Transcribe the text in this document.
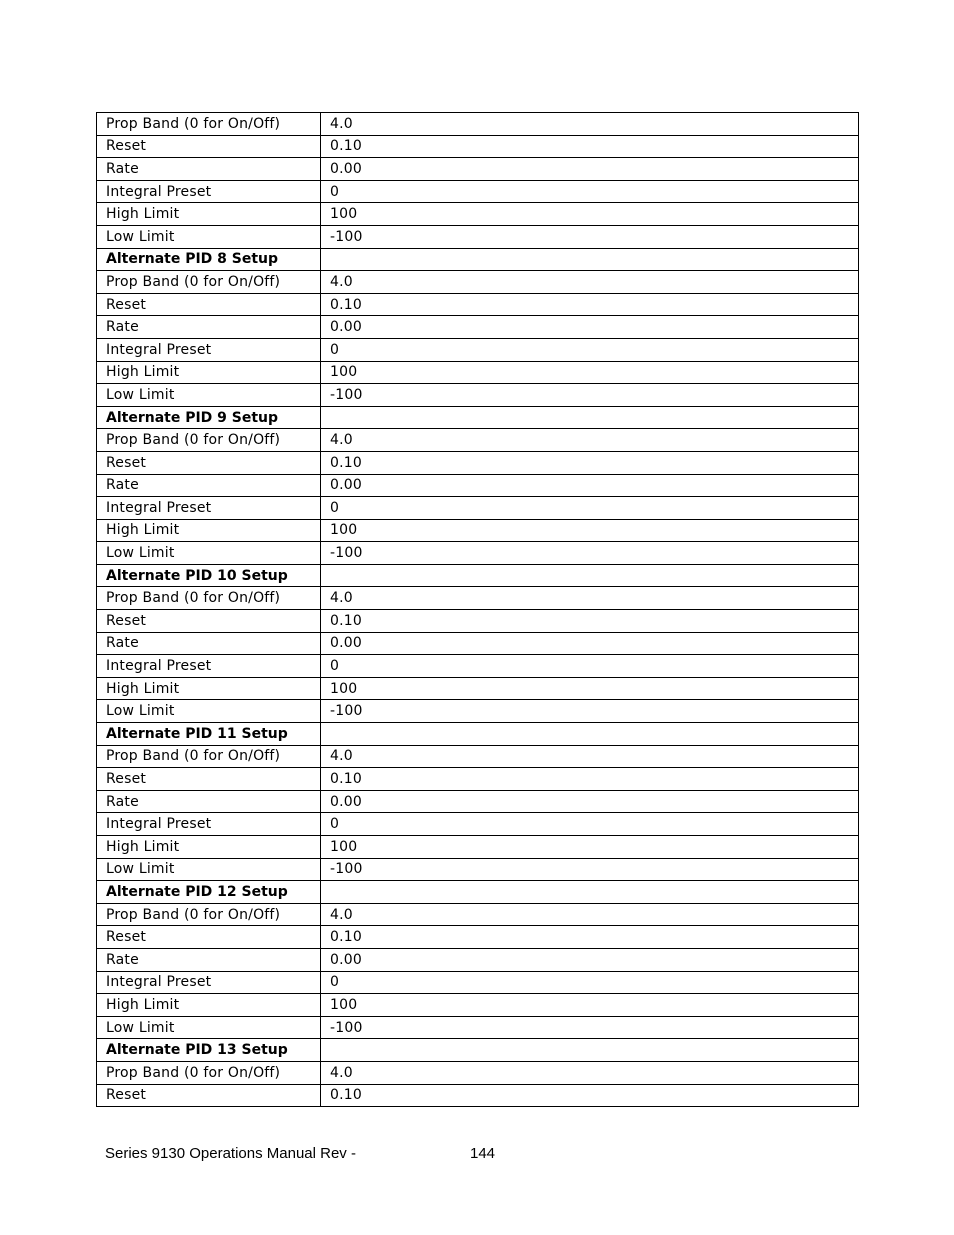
Prop Band (0 for On/Off)	4.0
Reset	0.10
Rate	0.00
Integral Preset	0
High Limit	100
Low Limit	-100
Alternate PID 8 Setup	
Prop Band (0 for On/Off)	4.0
Reset	0.10
Rate	0.00
Integral Preset	0
High Limit	100
Low Limit	-100
Alternate PID 9 Setup	
Prop Band (0 for On/Off)	4.0
Reset	0.10
Rate	0.00
Integral Preset	0
High Limit	100
Low Limit	-100
Alternate PID 10 Setup	
Prop Band (0 for On/Off)	4.0
Reset	0.10
Rate	0.00
Integral Preset	0
High Limit	100
Low Limit	-100
Alternate PID 11 Setup	
Prop Band (0 for On/Off)	4.0
Reset	0.10
Rate	0.00
Integral Preset	0
High Limit	100
Low Limit	-100
Alternate PID 12 Setup	
Prop Band (0 for On/Off)	4.0
Reset	0.10
Rate	0.00
Integral Preset	0
High Limit	100
Low Limit	-100
Alternate PID 13 Setup	
Prop Band (0 for On/Off)	4.0
Reset	0.10
Series 9130 Operations Manual Rev -	144
